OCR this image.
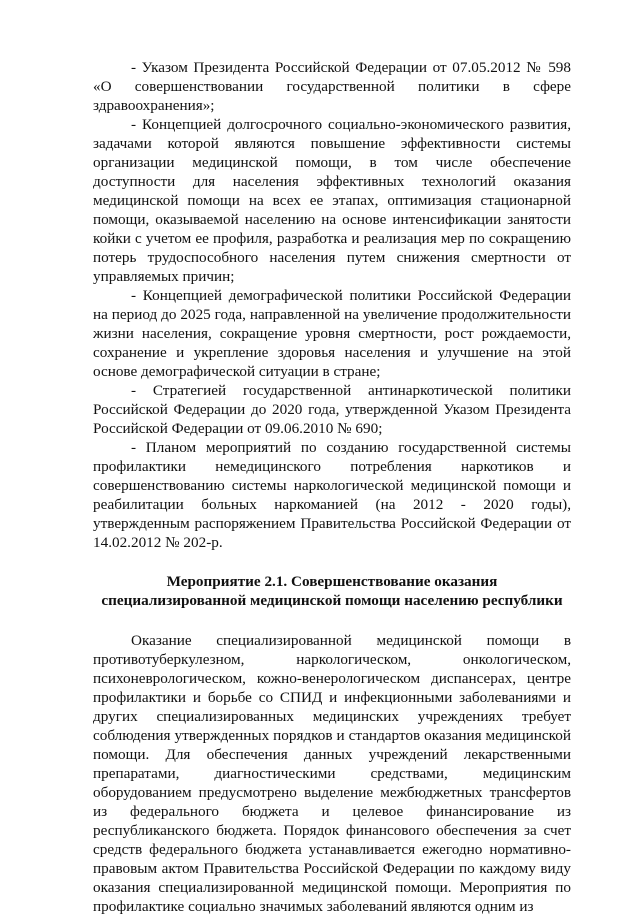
- Указом Президента Российской Федерации от 07.05.2012 № 598 «О совершенствовании государственной политики в сфере здравоохранения»;

- Концепцией долгосрочного социально-экономического развития, задачами которой являются повышение эффективности системы организации медицинской помощи, в том числе обеспечение доступности для населения эффективных технологий оказания медицинской помощи на всех ее этапах, оптимизация стационарной помощи, оказываемой населению на основе интенсификации занятости койки с учетом ее профиля, разработка и реализация мер по сокращению потерь трудоспособного населения путем снижения смертности от управляемых причин;

- Концепцией демографической политики Российской Федерации на период до 2025 года, направленной на увеличение продолжительности жизни населения, сокращение уровня смертности, рост рождаемости, сохранение и укрепление здоровья населения и улучшение на этой основе демографической ситуации в стране;

- Стратегией государственной антинаркотической политики Российской Федерации до 2020 года, утвержденной Указом Президента Российской Федерации от 09.06.2010 № 690;

- Планом мероприятий по созданию государственной системы профилактики немедицинского потребления наркотиков и совершенствованию системы наркологической медицинской помощи и реабилитации больных наркоманией (на 2012 - 2020 годы), утвержденным распоряжением Правительства Российской Федерации от 14.02.2012 № 202-р.

Мероприятие 2.1. Совершенствование оказания
специализированной медицинской помощи населению республики

Оказание специализированной медицинской помощи в противотуберкулезном, наркологическом, онкологическом, психоневрологическом, кожно-венерологическом диспансерах, центре профилактики и борьбе со СПИД и инфекционными заболеваниями и других специализированных медицинских учреждениях требует соблюдения утвержденных порядков и стандартов оказания медицинской помощи. Для обеспечения данных учреждений лекарственными препаратами, диагностическими средствами, медицинским оборудованием предусмотрено выделение межбюджетных трансфертов из федерального бюджета и целевое финансирование из республиканского бюджета. Порядок финансового обеспечения за счет средств федерального бюджета устанавливается ежегодно нормативно-правовым актом Правительства Российской Федерации по каждому виду оказания специализированной медицинской помощи. Мероприятия по профилактике социально значимых заболеваний являются одним из
